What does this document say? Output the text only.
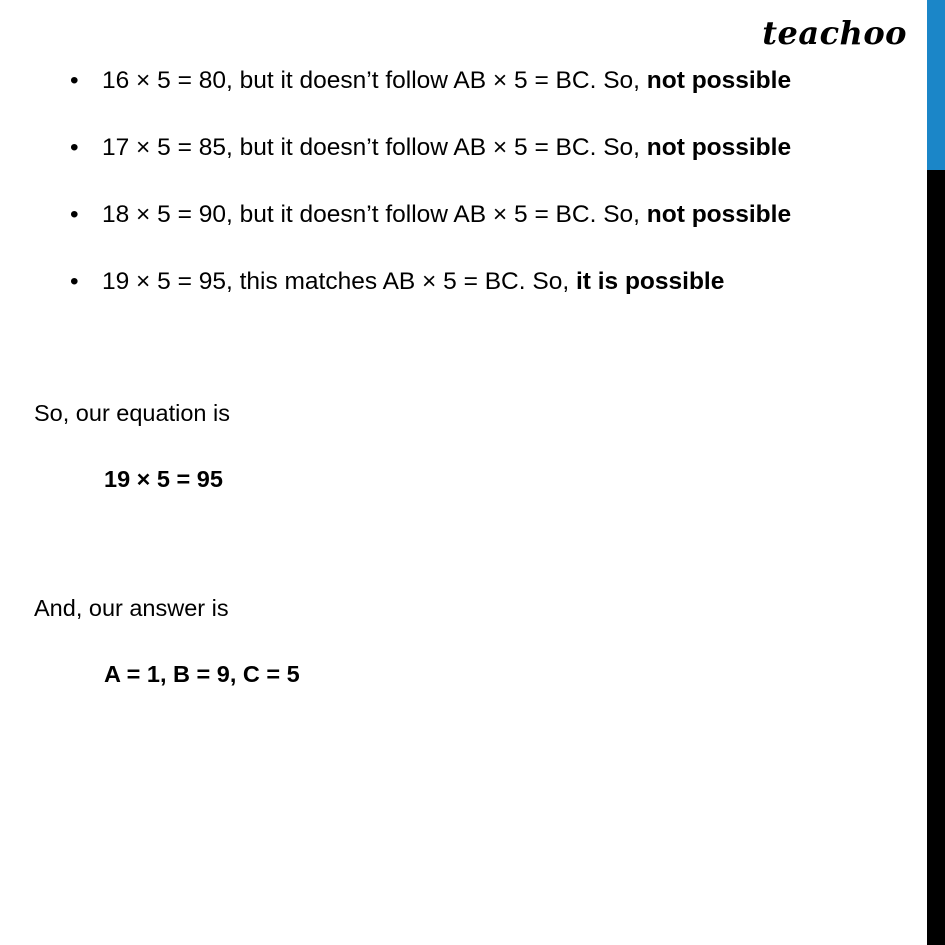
teachoo
• 16 × 5 = 80, but it doesn’t follow AB × 5 = BC. So, not possible
• 17 × 5 = 85, but it doesn’t follow AB × 5 = BC. So, not possible
• 18 × 5 = 90, but it doesn’t follow AB × 5 = BC. So, not possible
• 19 × 5 = 95, this matches AB × 5 = BC. So, it is possible
So, our equation is
19 × 5 = 95
And, our answer is
A = 1, B = 9, C = 5
